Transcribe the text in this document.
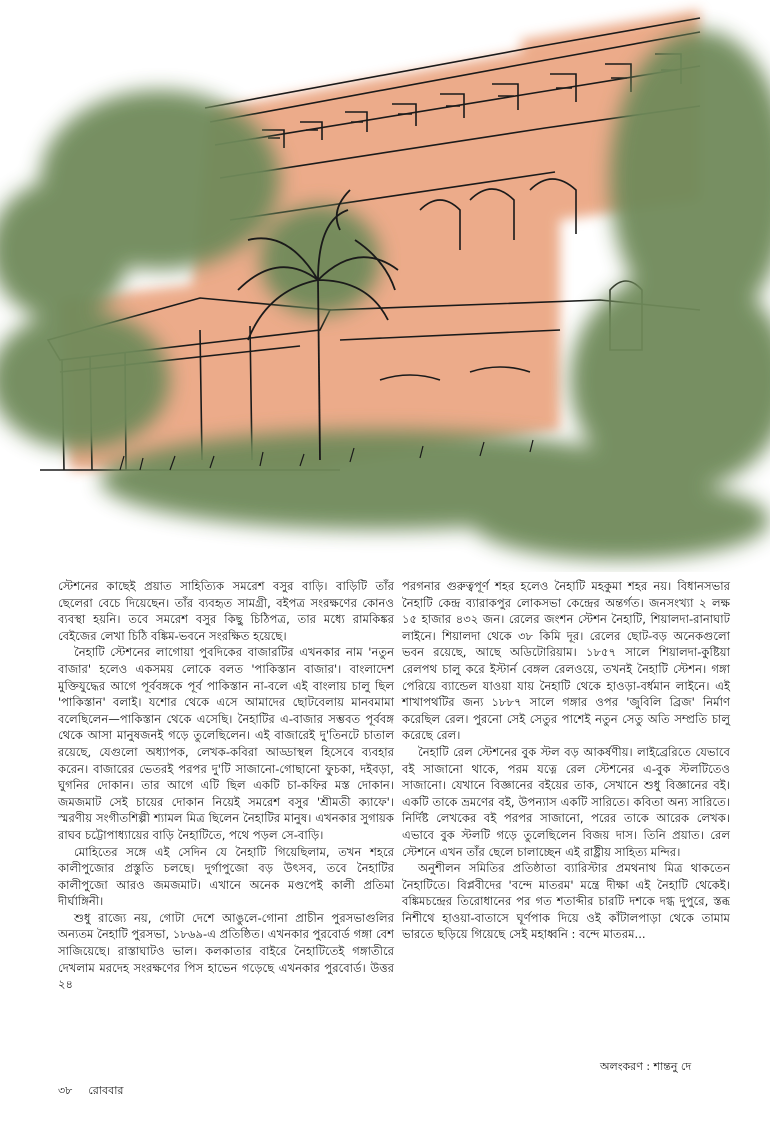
স্টেশনের কাছেই প্রয়াত সাহিত্যিক সমরেশ বসুর বাড়ি। বাড়িটি তাঁর ছেলেরা বেচে দিয়েছেন। তাঁর ব্যবহৃত সামগ্রী, বইপত্র সংরক্ষণের কোনও ব্যবস্থা হয়নি। তবে সমরেশ বসুর কিছু চিঠিপত্র, তার মধ্যে রামকিঙ্কর বেইজের লেখা চিঠি বঙ্কিম-ভবনে সংরক্ষিত হয়েছে।

নৈহাটি স্টেশনের লাগোয়া পুবদিকের বাজারটির এখনকার নাম 'নতুন বাজার' হলেও একসময় লোকে বলত 'পাকিস্তান বাজার'। বাংলাদেশ মুক্তিযুদ্ধের আগে পূর্ববঙ্গকে পূর্ব পাকিস্তান না-বলে এই বাংলায় চালু ছিল 'পাকিস্তান' বলাই। যশোর থেকে এসে আমাদের ছোটবেলায় মানবমামা বলেছিলেন—পাকিস্তান থেকে এসেছি। নৈহাটির এ-বাজার সম্ভবত পূর্ববঙ্গ থেকে আসা মানুষজনই গড়ে তুলেছিলেন। এই বাজারেই দু'তিনটে চাতাল রয়েছে, যেগুলো অধ্যাপক, লেখক-কবিরা আড্ডাস্থল হিসেবে ব্যবহার করেন। বাজারের ভেতরই পরপর দু'টি সাজানো-গোছানো ফুচকা, দইবড়া, ঘুগনির দোকান। তার আগে এটি ছিল একটি চা-কফির মস্ত দোকান। জমজমাট সেই চায়ের দোকান নিয়েই সমরেশ বসুর 'শ্রীমতী ক্যাফে'। স্মরণীয় সংগীতশিল্পী শ্যামল মিত্র ছিলেন নৈহাটির মানুষ। এখনকার সুগায়ক রাঘব চট্টোপাধ্যায়ের বাড়ি নৈহাটিতে, পথে পড়ল সে-বাড়ি।

মোহিতের সঙ্গে এই সেদিন যে নৈহাটি গিয়েছিলাম, তখন শহরে কালীপুজোর প্রস্তুতি চলছে। দুর্গাপুজো বড় উৎসব, তবে নৈহাটির কালীপুজো আরও জমজমাট। এখানে অনেক মণ্ডপেই কালী প্রতিমা দীর্ঘাঙ্গিনী।

শুধু রাজ্যে নয়, গোটা দেশে আঙুলে-গোনা প্রাচীন পুরসভাগুলির অন্যতম নৈহাটি পুরসভা, ১৮৬৯-এ প্রতিষ্ঠিত। এখনকার পুরবোর্ড গঙ্গা বেশ সাজিয়েছে। রাস্তাঘাটও ভাল। কলকাতার বাইরে নৈহাটিতেই গঙ্গাতীরে দেখলাম মরদেহ সংরক্ষণের পিস হাভেন গড়েছে এখনকার পুরবোর্ড। উত্তর ২৪

পরগনার গুরুত্বপূর্ণ শহর হলেও নৈহাটি মহকুমা শহর নয়। বিধানসভার নৈহাটি কেন্দ্র ব্যারাকপুর লোকসভা কেন্দ্রের অন্তর্গত। জনসংখ্যা ২ লক্ষ ১৫ হাজার ৪৩২ জন। রেলের জংশন স্টেশন নৈহাটি, শিয়ালদা-রানাঘাট লাইনে। শিয়ালদা থেকে ৩৮ কিমি দূর। রেলের ছোট-বড় অনেকগুলো ভবন রয়েছে, আছে অডিটোরিয়াম। ১৮৫৭ সালে শিয়ালদা-কুষ্টিয়া রেলপথ চালু করে ইস্টার্ন বেঙ্গল রেলওয়ে, তখনই নৈহাটি স্টেশন। গঙ্গা পেরিয়ে ব্যান্ডেল যাওয়া যায় নৈহাটি থেকে হাওড়া-বর্ধমান লাইনে। এই শাখাপথটির জন্য ১৮৮৭ সালে গঙ্গার ওপর 'জুবিলি ব্রিজ' নির্মাণ করেছিল রেল। পুরনো সেই সেতুর পাশেই নতুন সেতু অতি সম্প্রতি চালু করেছে রেল।

নৈহাটি রেল স্টেশনের বুক স্টল বড় আকর্ষণীয়। লাইব্রেরিতে যেভাবে বই সাজানো থাকে, পরম যত্নে রেল স্টেশনের এ-বুক স্টলটিতেও সাজানো। যেখানে বিজ্ঞানের বইয়ের তাক, সেখানে শুধু বিজ্ঞানের বই। একটি তাকে ভ্রমণের বই, উপন্যাস একটি সারিতে। কবিতা অন্য সারিতে। নির্দিষ্ট লেখকের বই পরপর সাজানো, পরের তাকে আরেক লেখক। এভাবে বুক স্টলটি গড়ে তুলেছিলেন বিজয় দাস। তিনি প্রয়াত। রেল স্টেশনে এখন তাঁর ছেলে চালাচ্ছেন এই রাষ্ট্রীয় সাহিত্য মন্দির।

অনুশীলন সমিতির প্রতিষ্ঠাতা ব্যারিস্টার প্রমথনাথ মিত্র থাকতেন নৈহাটিতে। বিপ্লবীদের 'বন্দে মাতরম' মন্ত্রে দীক্ষা এই নৈহাটি থেকেই। বঙ্কিমচন্দ্রের তিরোধানের পর গত শতাব্দীর চারটি দশকে দগ্ধ দুপুরে, স্তব্ধ নিশীথে হাওয়া-বাতাসে ঘূর্ণপাক দিয়ে ওই কাঁটালপাড়া থেকে তামাম ভারতে ছড়িয়ে গিয়েছে সেই মহাধ্বনি : বন্দে মাতরম...

অলংকরণ : শান্তনু দে
৩৮ রোববার
